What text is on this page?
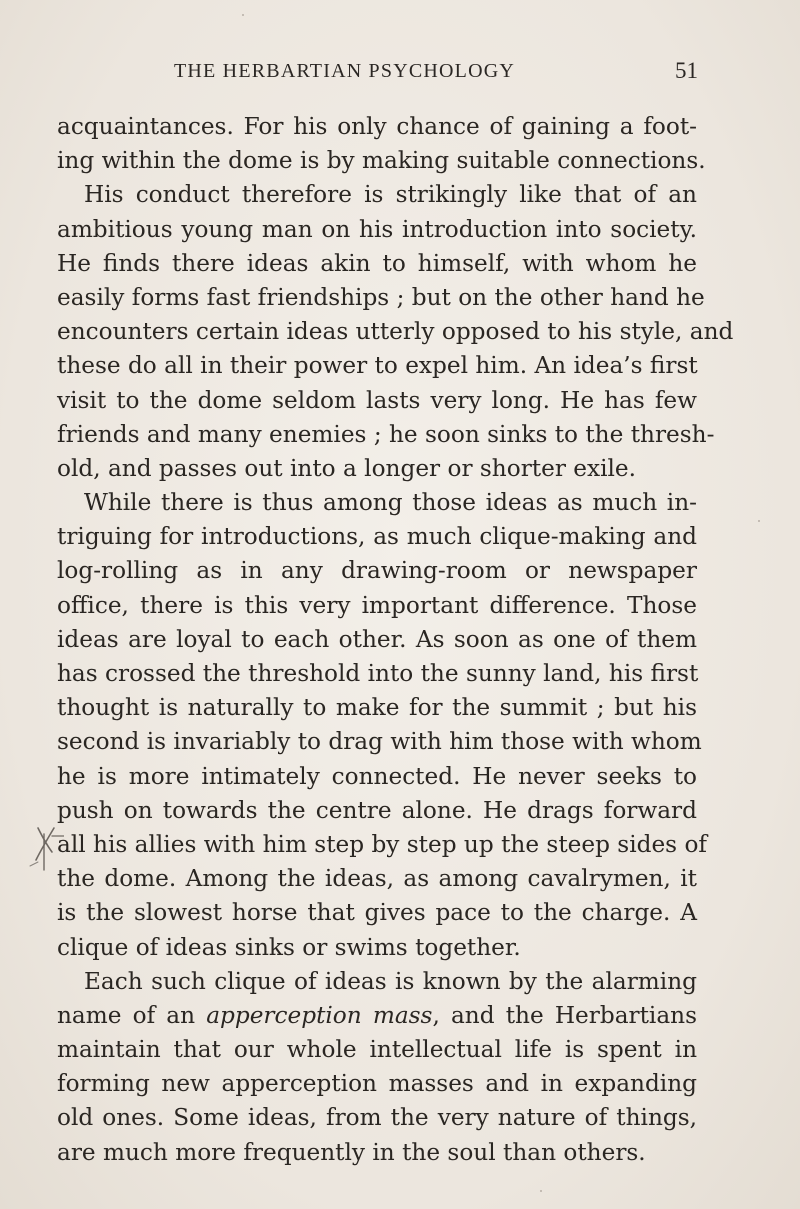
THE HERBARTIAN PSYCHOLOGY	51
acquaintances. For his only chance of gaining a foot-
ing within the dome is by making suitable connections.
His conduct therefore is strikingly like that of an
ambitious young man on his introduction into society.
He finds there ideas akin to himself, with whom he
easily forms fast friendships ; but on the other hand he
encounters certain ideas utterly opposed to his style, and
these do all in their power to expel him. An idea’s first
visit to the dome seldom lasts very long. He has few
friends and many enemies ; he soon sinks to the thresh-
old, and passes out into a longer or shorter exile.
While there is thus among those ideas as much in-
triguing for introductions, as much clique-making and
log-rolling as in any drawing-room or newspaper
office, there is this very important difference. Those
ideas are loyal to each other. As soon as one of them
has crossed the threshold into the sunny land, his first
thought is naturally to make for the summit ; but his
second is invariably to drag with him those with whom
he is more intimately connected. He never seeks to
push on towards the centre alone. He drags forward
all his allies with him step by step up the steep sides of
the dome. Among the ideas, as among cavalrymen, it
is the slowest horse that gives pace to the charge. A
clique of ideas sinks or swims together.
Each such clique of ideas is known by the alarming
name of an apperception mass, and the Herbartians
maintain that our whole intellectual life is spent in
forming new apperception masses and in expanding
old ones. Some ideas, from the very nature of things,
are much more frequently in the soul than others.
